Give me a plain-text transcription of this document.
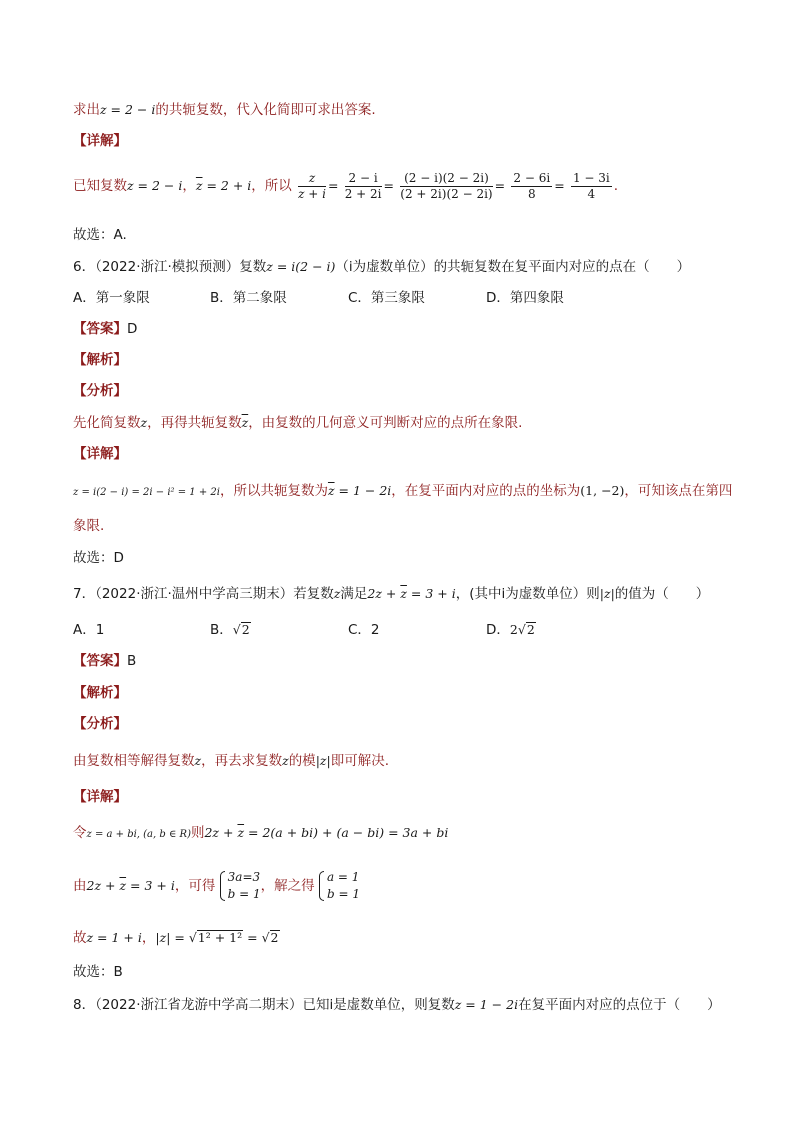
求出z = 2 − i的共轭复数，代入化简即可求出答案.
【详解】
已知复数z = 2 − i，$\overline{z} = 2 + i$，所以 $\frac{z}{\overline{z} + i} = \frac{2 - i}{2 + 2i} = \frac{(2 - i)(2 - 2i)}{(2 + 2i)(2 - 2i)} = \frac{2 - 6i}{8} = \frac{1 - 3i}{4}$ .
故选：A.
6．（2022·浙江·模拟预测）复数z = i(2 − i)（i为虚数单位）的共轭复数在复平面内对应的点在（　　）
A．第一象限	B．第二象限	C．第三象限	D．第四象限
【答案】D
【解析】
【分析】
先化简复数z，再得共轭复数$\overline{z}$，由复数的几何意义可判断对应的点所在象限.
【详解】
z = i(2 − i) = 2i − i² = 1 + 2i，所以共轭复数为$\overline{z} = 1 - 2i$，在复平面内对应的点的坐标为(1, −2)，可知该点在第四
象限.
故选：D
7．（2022·浙江·温州中学高三期末）若复数z满足$2z + \overline{z} = 3 + i$，(其中i为虚数单位）则|z|的值为（　　）
A．1	B．√2	C．2	D．2√2
【答案】B
【解析】
【分析】
由复数相等解得复数z，再去求复数z的模|z|即可解决.
【详解】
令z = a + bi, (a, b ∈ R)则$2z + \overline{z} = 2(a + bi) + (a - bi) = 3a$ + bi
由$2z + \overline{z} = 3 + i$，可得
3a=3
b = 1 ，解之得
a = 1
b = 1
故z = 1 + i，|z| = √1² + 1² = √2
故选：B
8．（2022·浙江省龙游中学高二期末）已知i是虚数单位，则复数z = 1 − 2i在复平面内对应的点位于（　　）
